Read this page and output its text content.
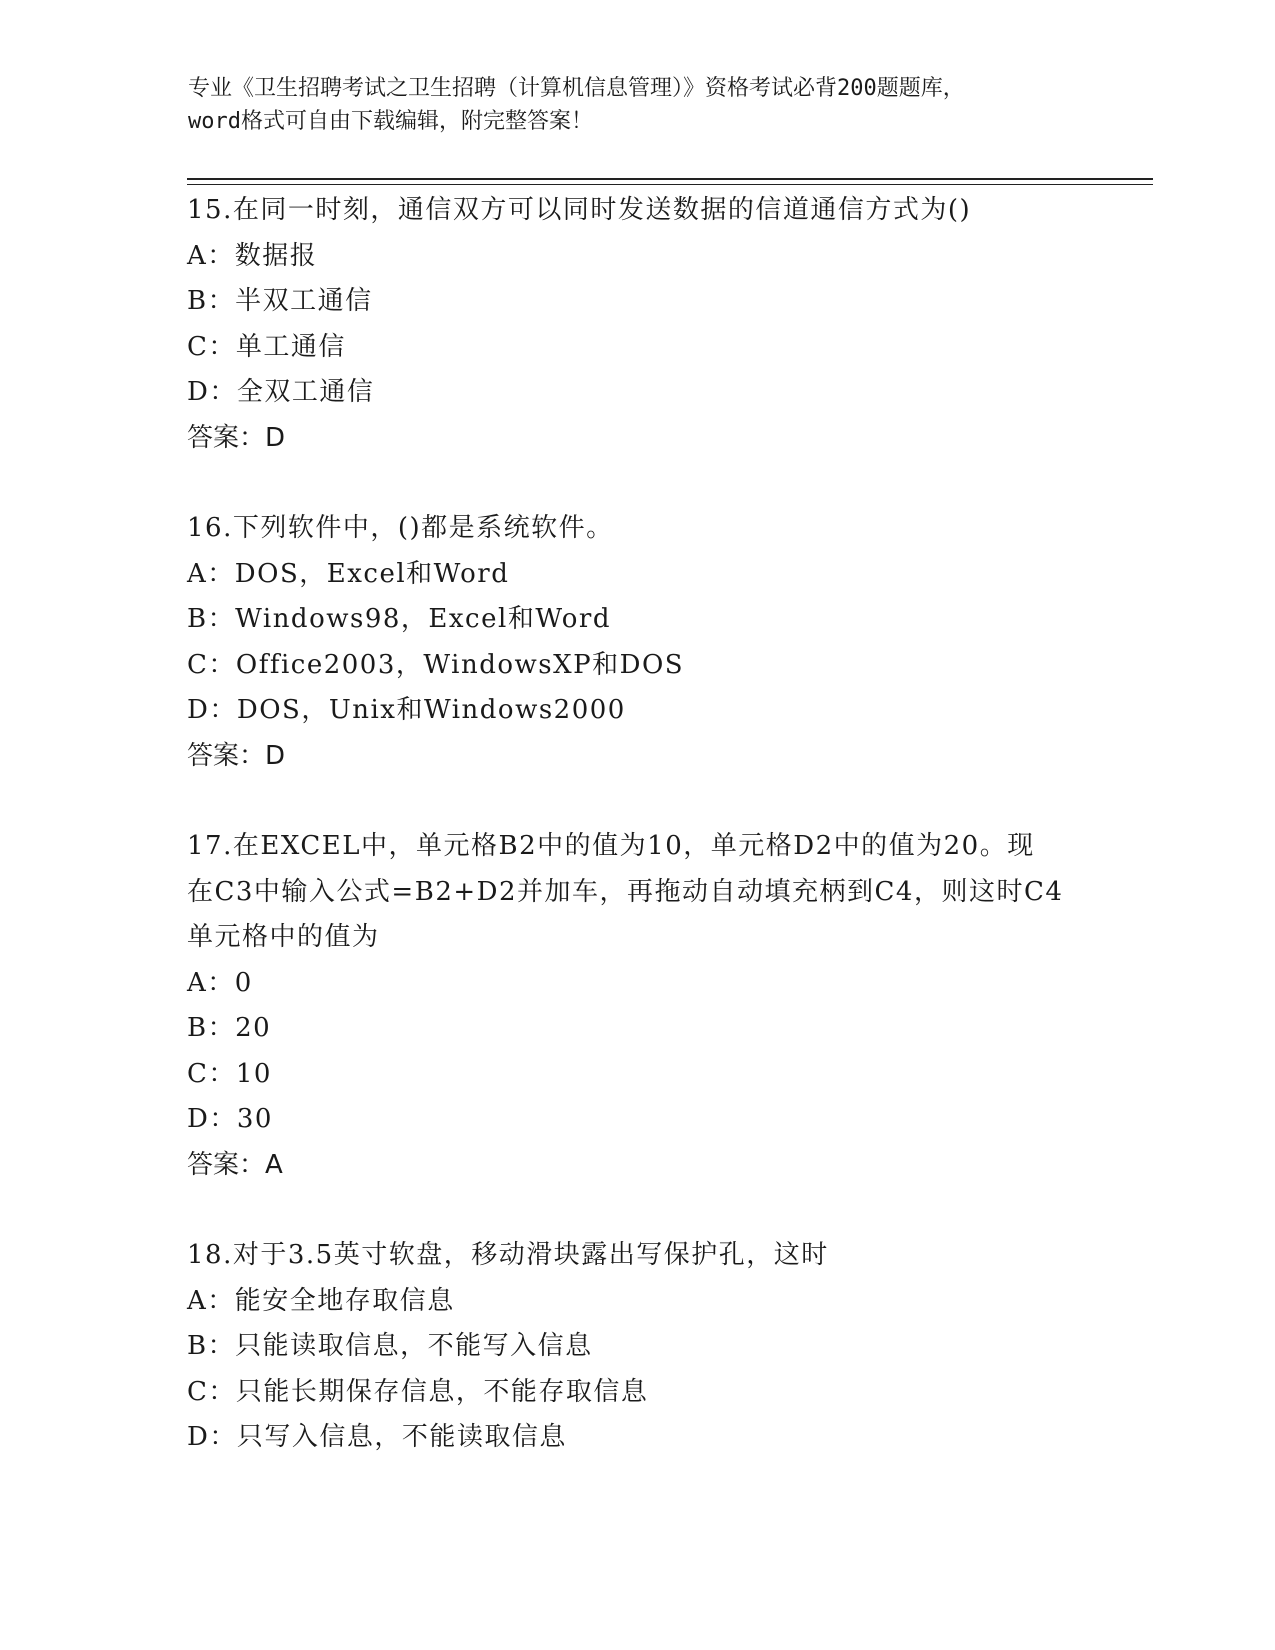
专业《卫生招聘考试之卫生招聘（计算机信息管理）》资格考试必背200题题库，
word格式可自由下载编辑，附完整答案！
15.在同一时刻，通信双方可以同时发送数据的信道通信方式为()
A：数据报
B：半双工通信
C：单工通信
D：全双工通信
答案：D
16.下列软件中，()都是系统软件。
A：DOS，Excel和Word
B：Windows98，Excel和Word
C：Office2003，WindowsXP和DOS
D：DOS，Unix和Windows2000
答案：D
17.在EXCEL中，单元格B2中的值为10，单元格D2中的值为20。现
在C3中输入公式=B2+D2并加车，再拖动自动填充柄到C4，则这时C4
单元格中的值为
A：0
B：20
C：10
D：30
答案：A
18.对于3.5英寸软盘，移动滑块露出写保护孔，这时
A：能安全地存取信息
B：只能读取信息，不能写入信息
C：只能长期保存信息，不能存取信息
D：只写入信息，不能读取信息
